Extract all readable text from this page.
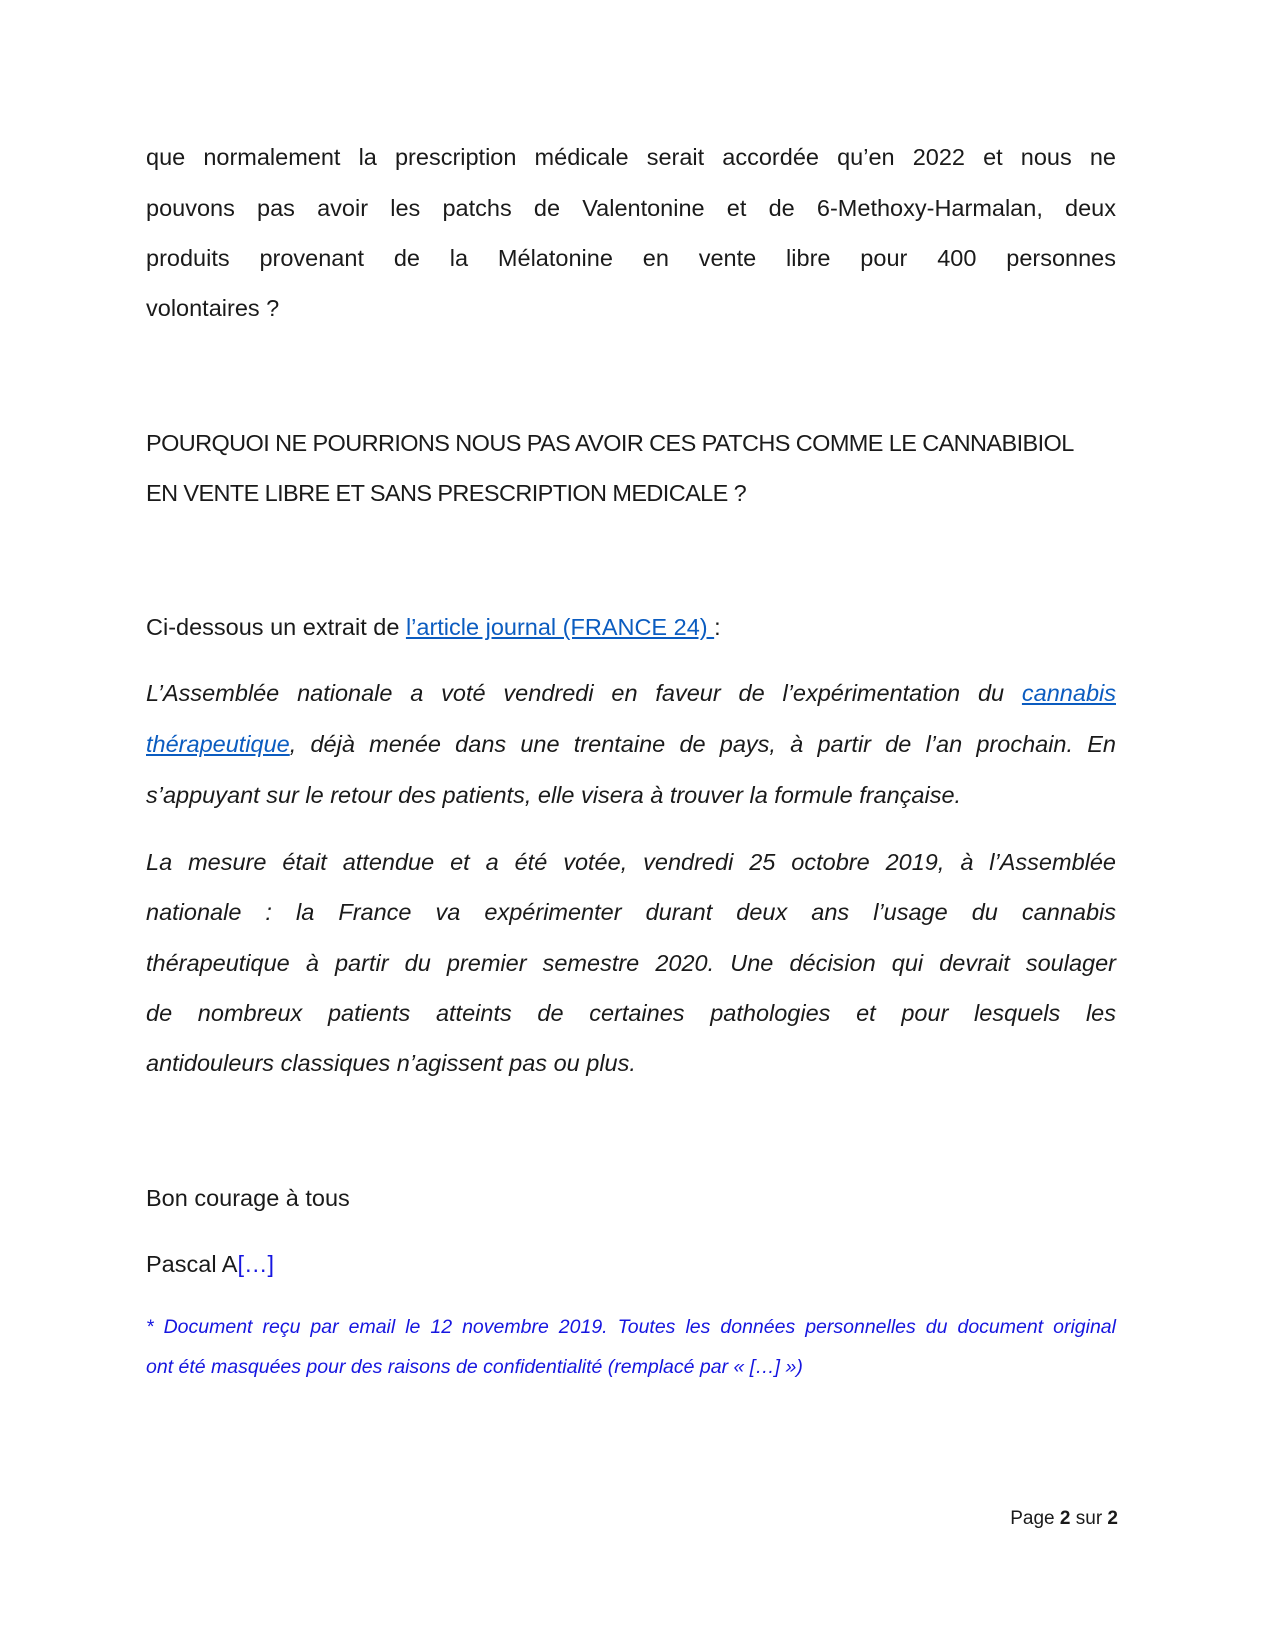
que normalement la prescription médicale serait accordée qu’en 2022 et nous ne
pouvons pas avoir les patchs de Valentonine et de 6-Methoxy-Harmalan, deux
produits provenant de la Mélatonine en vente libre pour 400 personnes
volontaires ?
POURQUOI NE POURRIONS NOUS PAS AVOIR CES PATCHS COMME LE CANNABIBIOL
EN VENTE LIBRE ET SANS PRESCRIPTION MEDICALE ?
Ci-dessous un extrait de l’article journal (FRANCE 24) :
L’Assemblée nationale a voté vendredi en faveur de l’expérimentation du cannabis
thérapeutique, déjà menée dans une trentaine de pays, à partir de l’an prochain. En
s’appuyant sur le retour des patients, elle visera à trouver la formule française.
La mesure était attendue et a été votée, vendredi 25 octobre 2019, à l’Assemblée
nationale : la France va expérimenter durant deux ans l’usage du cannabis
thérapeutique à partir du premier semestre 2020. Une décision qui devrait soulager
de nombreux patients atteints de certaines pathologies et pour lesquels les
antidouleurs classiques n’agissent pas ou plus.
Bon courage à tous
Pascal A[…]
* Document reçu par email le 12 novembre 2019. Toutes les données personnelles du document original
ont été masquées pour des raisons de confidentialité (remplacé par « […] »)
Page 2 sur 2
